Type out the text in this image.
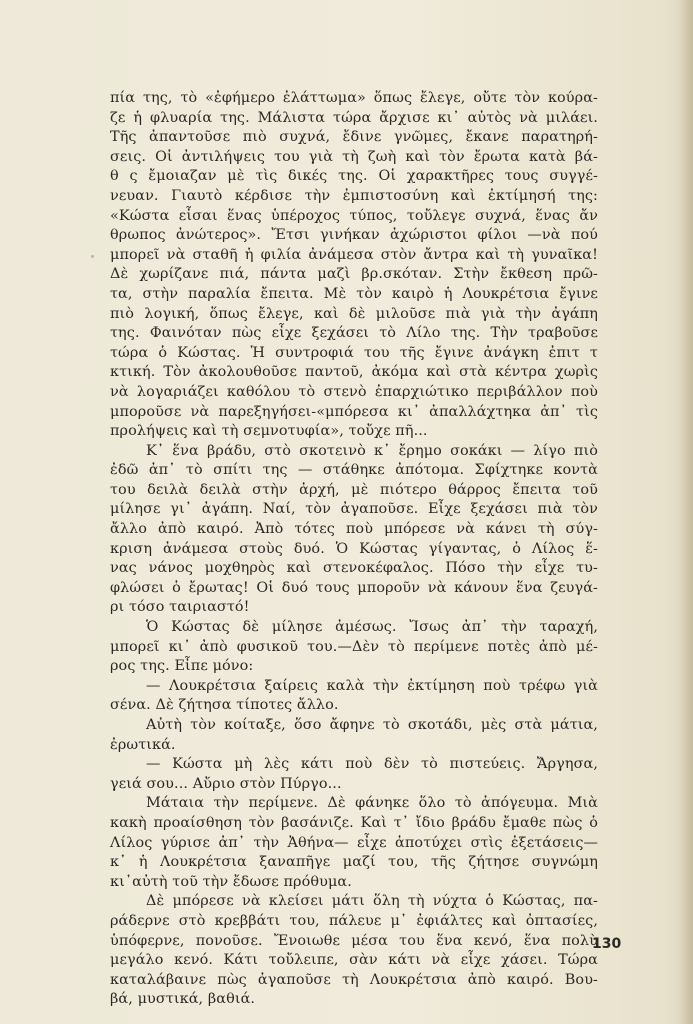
πία της, τὸ «ἐφήμερο ἐλάττωμα» ὅπως ἔλεγε, οὔτε τὸν κούρα-
ζε ἡ φλυαρία της. Μάλιστα τώρα ἄρχισε κι᾽ αὐτὸς νὰ μιλάει.
Τῆς ἀπαντοῦσε πιὸ συχνά, ἔδινε γνῶμες, ἔκανε παρατηρή-
σεις. Οἱ ἀντιλήψεις του γιὰ τὴ ζωὴ καὶ τὸν ἔρωτα κατὰ βά-
θ ς ἔμοιαζαν μὲ τὶς δικές της. Οἱ χαρακτῆρες τους συγγέ-
νευαν. Γιαυτὸ κέρδισε τὴν ἐμπιστοσύνη καὶ ἐκτίμησή της:
«Κώστα εἶσαι ἕνας ὑπέροχος τύπος, τοὔλεγε συχνά, ἕνας ἄν
θρωπος ἀνώτερος». Ἔτσι γινήκαν ἀχώριστοι φίλοι —νὰ πού
μπορεῖ νὰ σταθῆ ἡ φιλία ἀνάμεσα στὸν ἄντρα καὶ τὴ γυναῖκα!
Δὲ χωρίζανε πιά, πάντα μαζὶ βρ.σκόταν. Στὴν ἔκθεση πρῶ-
τα, στὴν παραλία ἔπειτα. Μὲ τὸν καιρὸ ἡ Λουκρέτσια ἔγινε
πιὸ λογική, ὅπως ἔλεγε, καὶ δὲ μιλοῦσε πιὰ γιὰ τὴν ἀγάπη
της. Φαινόταν πὼς εἶχε ξεχάσει τὸ Λίλο της. Τὴν τραβοῦσε
τώρα ὁ Κώστας. Ἡ συντροφιά του τῆς ἔγινε ἀνάγκη ἐπιτ τ
κτική. Τὸν ἀκολουθοῦσε παντοῦ, ἀκόμα καὶ στὰ κέντρα χωρὶς
νὰ λογαριάζει καθόλου τὸ στενὸ ἐπαρχιώτικο περιβάλλον ποὺ
μποροῦσε νὰ παρεξηγήσει-«μπόρεσα κι᾽ ἀπαλλάχτηκα ἀπ᾽ τὶς
προλήψεις καὶ τὴ σεμνοτυφία», τοὔχε πῆ...
Κ᾽ ἕνα βράδυ, στὸ σκοτεινὸ κ᾽ ἔρημο σοκάκι — λίγο πιὸ
ἐδῶ ἀπ᾽ τὸ σπίτι της — στάθηκε ἀπότομα. Σφίχτηκε κοντὰ
του δειλὰ δειλὰ στὴν ἀρχή, μὲ πιότερο θάρρος ἔπειτα τοῦ
μίλησε γι᾽ ἀγάπη. Ναί, τὸν ἀγαποῦσε. Εἶχε ξεχάσει πιὰ τὸν
ἄλλο ἀπὸ καιρό. Ἀπὸ τότες ποὺ μπόρεσε νὰ κάνει τὴ σύγ-
κριση ἀνάμεσα στοὺς δυό. Ὁ Κώστας γίγαντας, ὁ Λίλος ἕ-
νας νάνος μοχθηρὸς καὶ στενοκέφαλος. Πόσο τὴν εἶχε τυ-
φλώσει ὁ ἔρωτας! Οἱ δυό τους μποροῦν νὰ κάνουν ἕνα ζευγά-
ρι τόσο ταιριαστό!
Ὁ Κώστας δὲ μίλησε ἀμέσως. Ἴσως ἀπ᾽ τὴν ταραχή,
μπορεῖ κι᾽ ἀπὸ φυσικοῦ του.—Δὲν τὸ περίμενε ποτὲς ἀπὸ μέ-
ρος της. Εἶπε μόνο:
— Λουκρέτσια ξαίρεις καλὰ τὴν ἐκτίμηση ποὺ τρέφω γιὰ
σένα. Δὲ ζήτησα τίποτες ἄλλο.
Αὐτὴ τὸν κοίταξε, ὅσο ἄφηνε τὸ σκοτάδι, μὲς στὰ μάτια,
ἐρωτικά.
— Κώστα μὴ λὲς κάτι ποὺ δὲν τὸ πιστεύεις. Ἄργησα,
γειά σου... Αὔριο στὸν Πύργο...
Μάταια τὴν περίμενε. Δὲ φάνηκε ὅλο τὸ ἀπόγευμα. Μιὰ
κακὴ προαίσθηση τὸν βασάνιζε. Καὶ τ᾽ ἴδιο βράδυ ἔμαθε πὼς ὁ
Λίλος γύρισε ἀπ᾽ τὴν Ἀθήνα— εἶχε ἀποτύχει στὶς ἐξετάσεις—
κ᾽ ἡ Λουκρέτσια ξαναπῆγε μαζί του, τῆς ζήτησε συγνώμη
κι᾽αὐτὴ τοῦ τὴν ἔδωσε πρόθυμα.
Δὲ μπόρεσε νὰ κλείσει μάτι ὅλη τὴ νύχτα ὁ Κώστας, πα-
ράδερνε στὸ κρεββάτι του, πάλευε μ᾽ ἐφιάλτες καὶ ὀπτασίες,
ὑπόφερνε, πονοῦσε. Ἔνοιωθε μέσα του ἕνα κενό, ἕνα πολὺ
μεγάλο κενό. Κάτι τοὔλειπε, σὰν κάτι νὰ εἶχε χάσει. Τώρα
καταλάβαινε πὼς ἀγαποῦσε τὴ Λουκρέτσια ἀπὸ καιρό. Βου-
βά, μυστικά, βαθιά.
130
